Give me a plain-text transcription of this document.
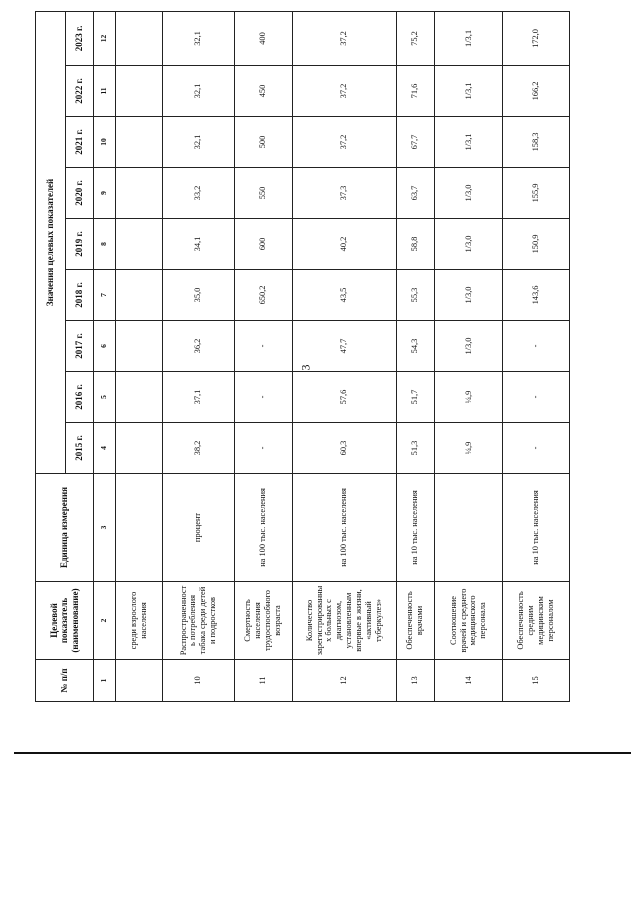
3
№ п/п	Целевой показатель (наименование)	Единица измерения	Значения целевых показателей								
			2015 г.	2016 г.	2017 г.	2018 г.	2019 г.	2020 г.	2021 г.	2022 г.	2023 г.
1	2	3	4	5	6	7	8	9	10	11	12
	среди взрослого населения										
10	Распространенность потребления табака среди детей и подростков	процент	38,2	37,1	36,2	35,0	34,1	33,2	32,1	32,1	32,1
11	Смертность населения трудоспособного возраста	на 100 тыс. населения	-	-	-	650,2	600	550	500	450	400
12	Количество зарегистрированных больных с диагнозом, установленным впервые в жизни, «активный туберкулез»	на 100 тыс. населения	60,3	57,6	47,7	43,5	40,2	37,3	37,2	37,2	37,2
13	Обеспеченность врачами	на 10 тыс. населения	51,3	51,7	54,3	55,3	58,8	63,7	67,7	71,6	75,2
14	Соотношение врачей и среднего медицинского персонала		¼,9	¼,9	1/3,0	1/3,0	1/3,0	1/3,0	1/3,1	1/3,1	1/3,1
15	Обеспеченность средним медицинским персоналом	на 10 тыс. населения	-	-	-	143,6	150,9	155,9	158,3	166,2	172,0
